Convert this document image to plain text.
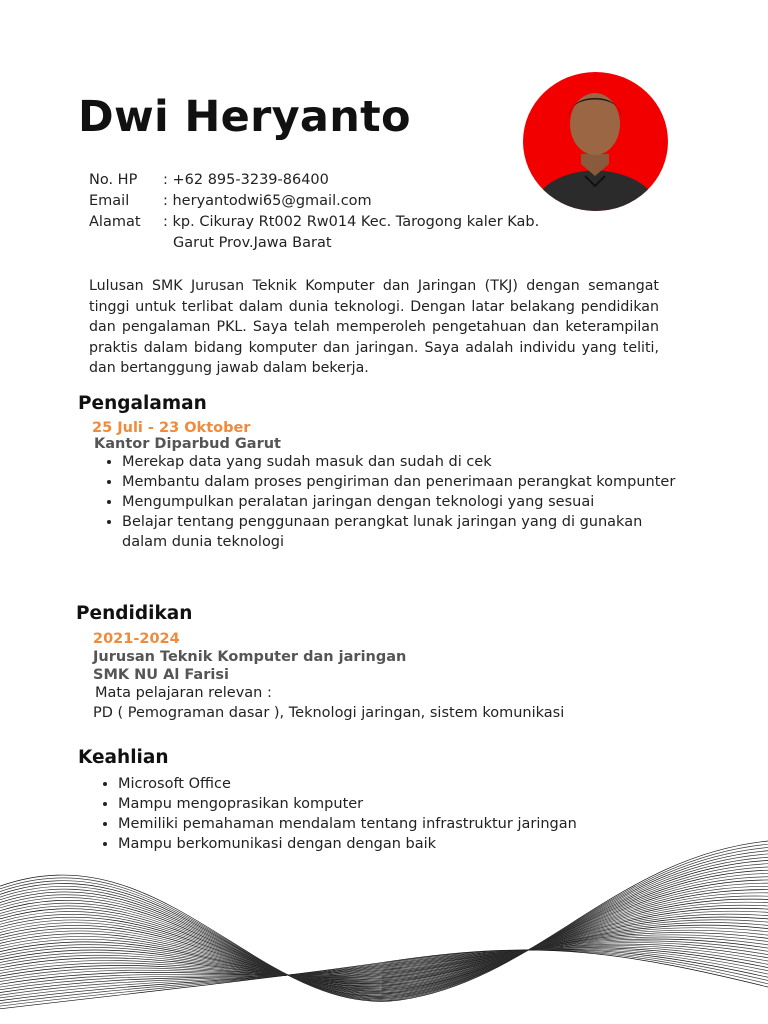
Dwi Heryanto
No. HP	: +62 895-3239-86400
Email	: heryantodwi65@gmail.com
Alamat	: kp. Cikuray Rt002 Rw014 Kec. Tarogong kaler Kab.
Garut Prov.Jawa Barat

Lulusan SMK Jurusan Teknik Komputer dan Jaringan (TKJ) dengan semangat tinggi untuk terlibat dalam dunia teknologi. Dengan latar belakang pendidikan dan pengalaman PKL. Saya telah memperoleh pengetahuan dan keterampilan praktis dalam bidang komputer dan jaringan. Saya adalah individu yang teliti, dan bertanggung jawab dalam bekerja.

Pengalaman
25 Juli - 23 Oktober
Kantor Diparbud Garut
• Merekap data yang sudah masuk dan sudah di cek
• Membantu dalam proses pengiriman dan penerimaan perangkat kompunter
• Mengumpulkan peralatan jaringan dengan teknologi yang sesuai
• Belajar tentang penggunaan perangkat lunak jaringan yang di gunakan dalam dunia teknologi
Pendidikan
2021-2024
Jurusan Teknik Komputer dan jaringan
SMK NU Al Farisi
Mata pelajaran relevan :
PD ( Pemograman dasar ), Teknologi jaringan, sistem komunikasi
Keahlian
• Microsoft Office
• Mampu mengoprasikan komputer
• Memiliki pemahaman mendalam tentang infrastruktur jaringan
• Mampu berkomunikasi dengan dengan baik
